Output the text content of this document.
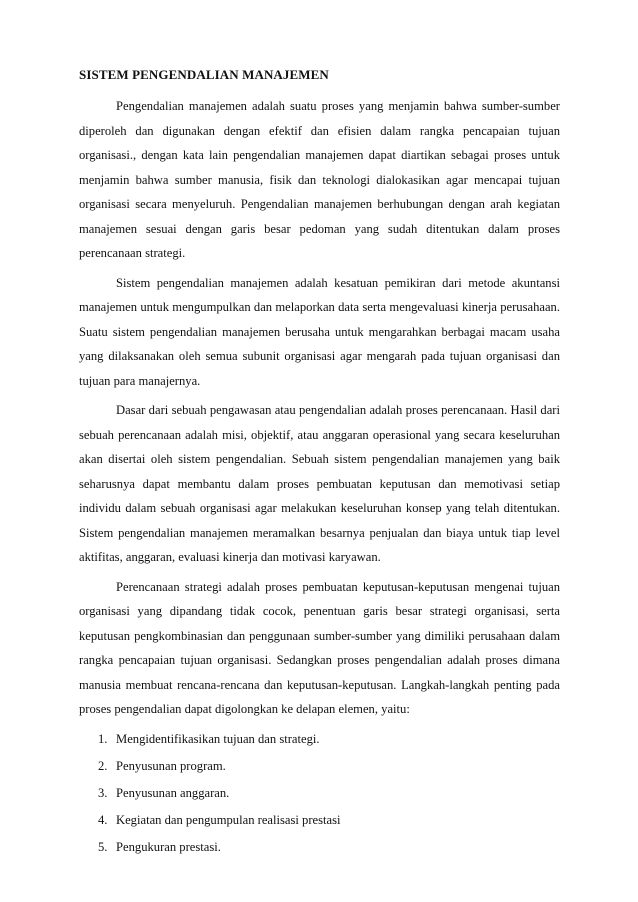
SISTEM PENGENDALIAN MANAJEMEN

Pengendalian manajemen adalah suatu proses yang menjamin bahwa sumber-sumber diperoleh dan digunakan dengan efektif dan efisien dalam rangka pencapaian tujuan organisasi., dengan kata lain pengendalian manajemen dapat diartikan sebagai proses untuk menjamin bahwa sumber manusia, fisik dan teknologi dialokasikan agar mencapai tujuan organisasi secara menyeluruh. Pengendalian manajemen berhubungan dengan arah kegiatan manajemen sesuai dengan garis besar pedoman yang sudah ditentukan dalam proses perencanaan strategi.

Sistem pengendalian manajemen adalah kesatuan pemikiran dari metode akuntansi manajemen untuk mengumpulkan dan melaporkan data serta mengevaluasi kinerja perusahaan. Suatu sistem pengendalian manajemen berusaha untuk mengarahkan berbagai macam usaha yang dilaksanakan oleh semua subunit organisasi agar mengarah pada tujuan organisasi dan tujuan para manajernya.

Dasar dari sebuah pengawasan atau pengendalian adalah proses perencanaan. Hasil dari sebuah perencanaan adalah misi, objektif, atau anggaran operasional yang secara keseluruhan akan disertai oleh sistem pengendalian. Sebuah sistem pengendalian manajemen yang baik seharusnya dapat membantu dalam proses pembuatan keputusan dan memotivasi setiap individu dalam sebuah organisasi agar melakukan keseluruhan konsep yang telah ditentukan. Sistem pengendalian manajemen meramalkan besarnya penjualan dan biaya untuk tiap level aktifitas, anggaran, evaluasi kinerja dan motivasi karyawan.

Perencanaan strategi adalah proses pembuatan keputusan-keputusan mengenai tujuan organisasi yang dipandang tidak cocok, penentuan garis besar strategi organisasi, serta keputusan pengkombinasian dan penggunaan sumber-sumber yang dimiliki perusahaan dalam rangka pencapaian tujuan organisasi. Sedangkan proses pengendalian adalah proses dimana manusia membuat rencana-rencana dan keputusan-keputusan. Langkah-langkah penting pada proses pengendalian dapat digolongkan ke delapan elemen, yaitu:

1. Mengidentifikasikan tujuan dan strategi.
2. Penyusunan program.
3. Penyusunan anggaran.
4. Kegiatan dan pengumpulan realisasi prestasi
5. Pengukuran prestasi.
